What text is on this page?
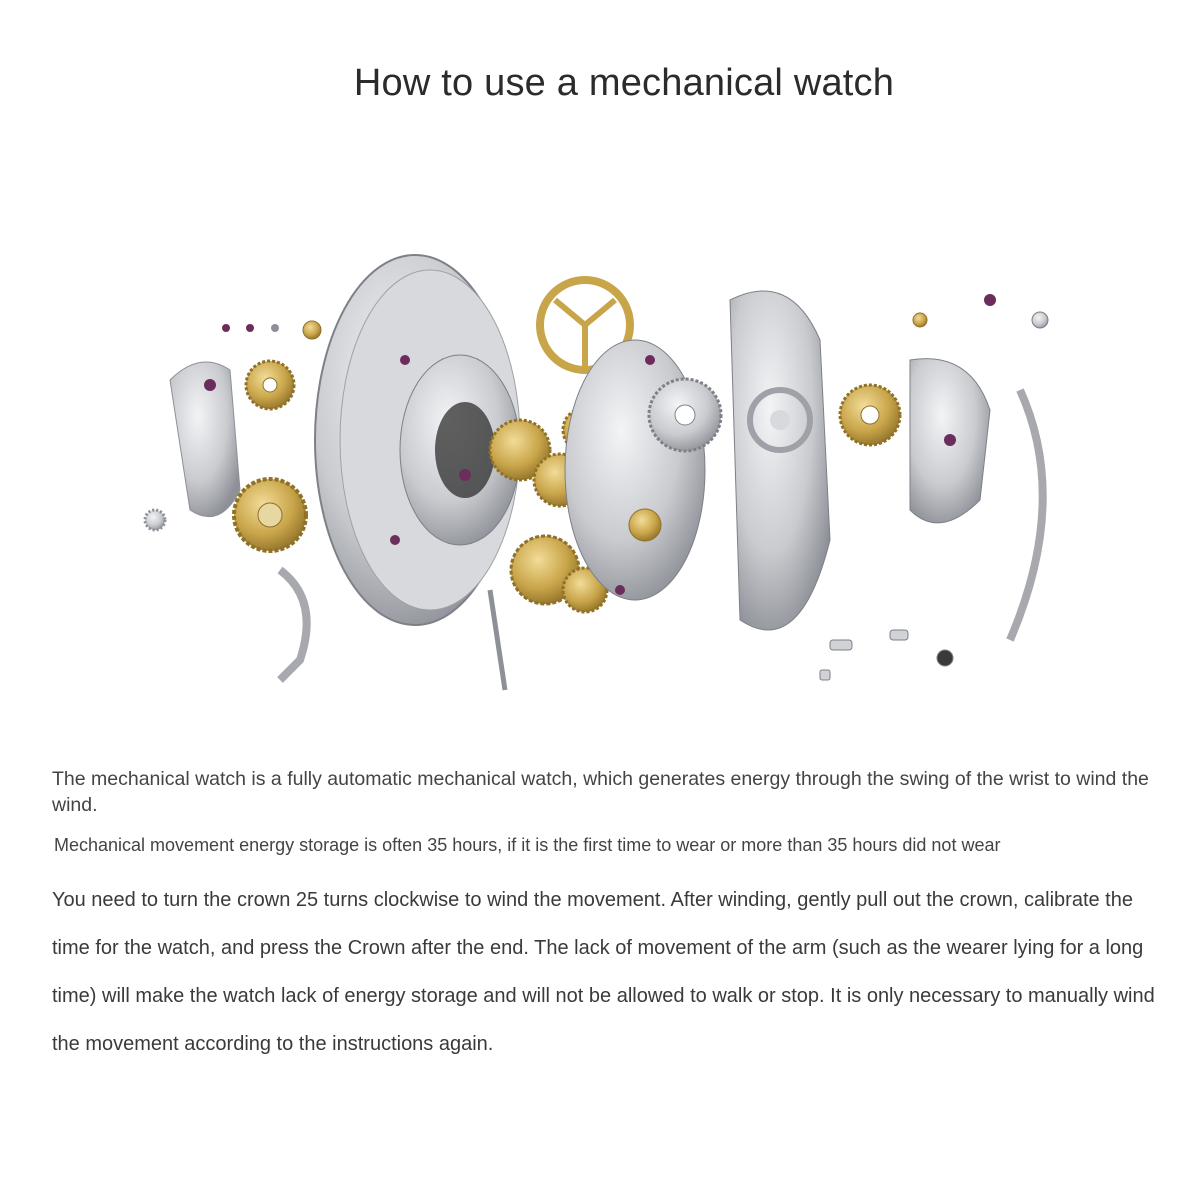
How to use a mechanical watch
The mechanical watch is a fully automatic mechanical watch, which generates energy through the swing of the wrist to wind the wind.
Mechanical movement energy storage is often 35 hours, if it is the first time to wear or more than 35 hours did not wear
You need to turn the crown 25 turns clockwise to wind the movement. After winding, gently pull out the crown, calibrate the time for the watch, and press the Crown after the end. The lack of movement of the arm (such as the wearer lying for a long time) will make the watch lack of energy storage and will not be allowed to walk or stop. It is only necessary to manually wind the movement according to the instructions again.
